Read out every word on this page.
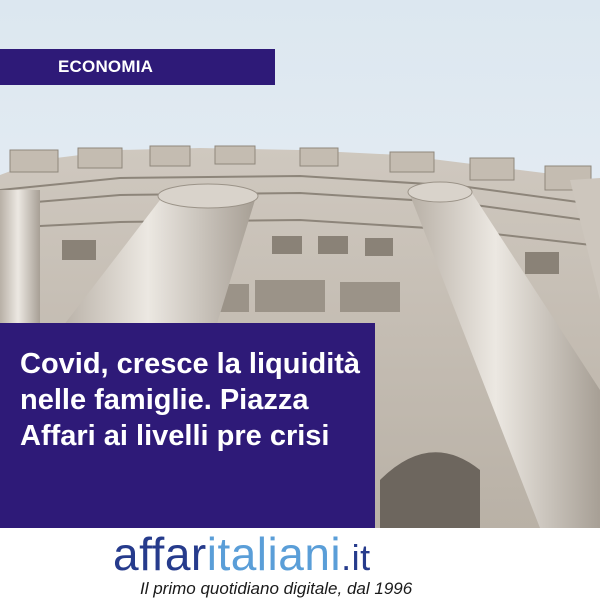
ECONOMIA
Covid, cresce la liquidità nelle famiglie. Piazza Affari ai livelli pre crisi
affar italiani .it
Il primo quotidiano digitale, dal 1996
